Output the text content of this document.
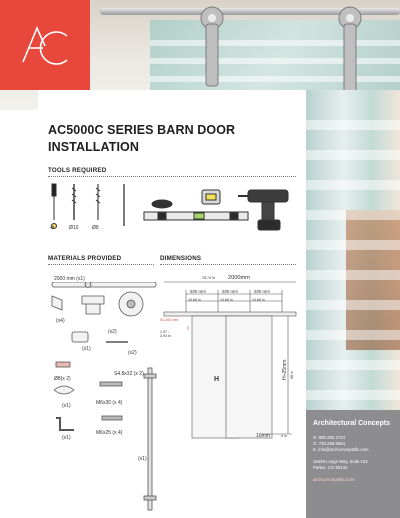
Architectural Concepts
O. 800.260.2724
O. 720.259.5964
E. info@archconceptsllc.com
18409 Longs Way, Suite 102
Parker, CO 80134
archconceptsllc.com
AC5000C SERIES BARN DOOR
INSTALLATION
TOOLS REQUIRED
⊕	Ø10	Ø8
MATERIALS PROVIDED
2000 mm (x1)
(x4)
(x2)
(x1)
(x2)
S4.8x32 (x 2)
Ø8(x 2)
(x1)	M6x30 (x 4)
(x1)
M6x25 (x 4)
(x1)
DIMENSIONS
78.74 in 2000mm
500 mm	500 mm	500 mm
19.68 in	19.68 in	19.68 in
51-100 mm
1.97 -
3.94 in
H	H+25mm .98 in
10mm	.4 in
